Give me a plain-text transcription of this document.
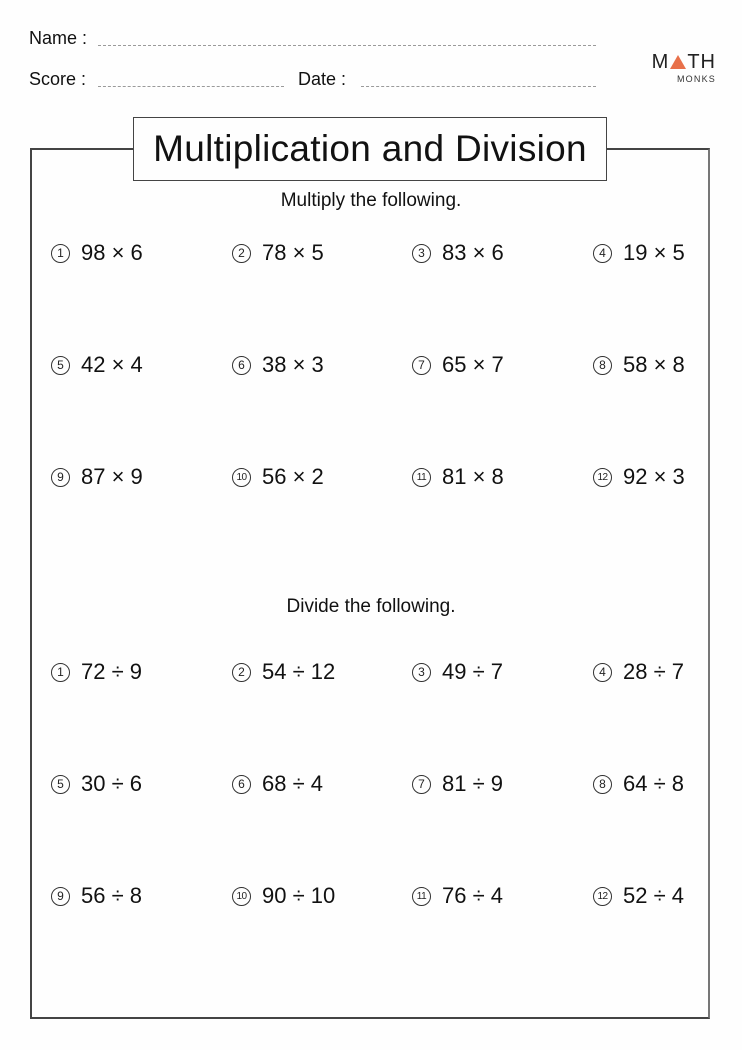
Name :
Score :	Date :
M TH
MONKS
Multiplication and Division
Multiply the following.
1 98 × 6	2 78 × 5	3 83 × 6	4 19 × 5
5 42 × 4	6 38 × 3	7 65 × 7	8 58 × 8
9 87 × 9	10 56 × 2	11 81 × 8	12 92 × 3
Divide the following.
1 72 ÷ 9	2 54 ÷ 12	3 49 ÷ 7	4 28 ÷ 7
5 30 ÷ 6	6 68 ÷ 4	7 81 ÷ 9	8 64 ÷ 8
9 56 ÷ 8	10 90 ÷ 10	11 76 ÷ 4	12 52 ÷ 4
